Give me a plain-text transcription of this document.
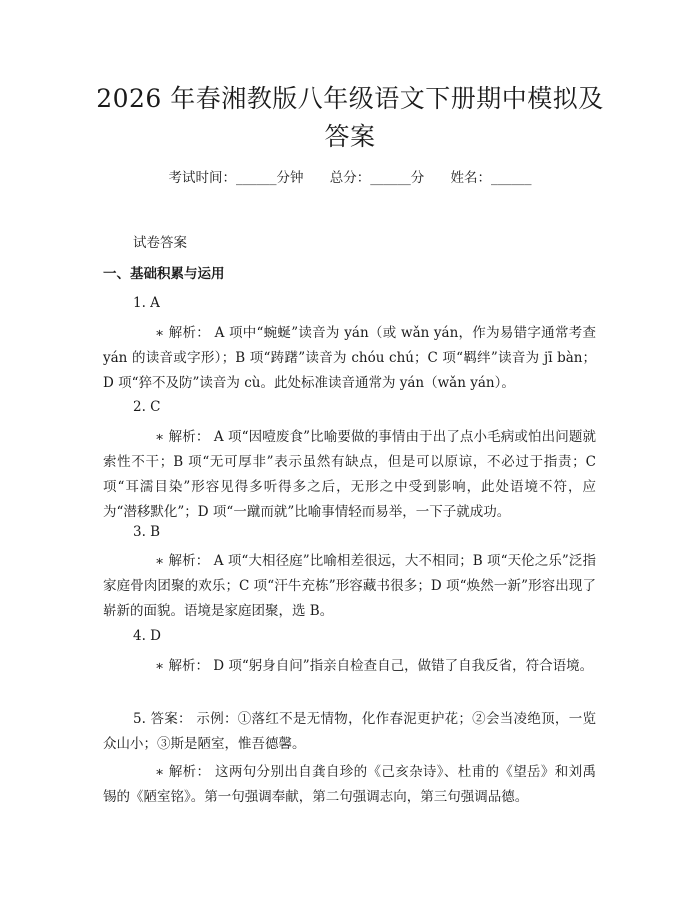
2026 年春湘教版八年级语文下册期中模拟及
答案
考试时间：______分钟 总分：______分 姓名：______
试卷答案
一、基础积累与运用
1. A
∗ 解析： A 项中“蜿蜒”读音为 yán（或 wǎn yán，作为易错字通常考查 yán 的读音或字形）；B 项“踌躇”读音为 chóu chú；C 项“羁绊”读音为 jī bàn；D 项“猝不及防”读音为 cù。此处标准读音通常为 yán（wǎn yán）。
2. C
∗ 解析： A 项“因噎废食”比喻要做的事情由于出了点小毛病或怕出问题就索性不干；B 项“无可厚非”表示虽然有缺点，但是可以原谅，不必过于指责；C 项“耳濡目染”形容见得多听得多之后，无形之中受到影响，此处语境不符，应为“潜移默化”；D 项“一蹴而就”比喻事情轻而易举，一下子就成功。
3. B
∗ 解析： A 项“大相径庭”比喻相差很远，大不相同；B 项“天伦之乐”泛指家庭骨肉团聚的欢乐；C 项“汗牛充栋”形容藏书很多；D 项“焕然一新”形容出现了崭新的面貌。语境是家庭团聚，选 B。
4. D
∗ 解析： D 项“躬身自问”指亲自检查自己，做错了自我反省，符合语境。
5. 答案： 示例：①落红不是无情物，化作春泥更护花；②会当凌绝顶，一览众山小；③斯是陋室，惟吾德馨。
∗ 解析： 这两句分别出自龚自珍的《己亥杂诗》、杜甫的《望岳》和刘禹锡的《陋室铭》。第一句强调奉献，第二句强调志向，第三句强调品德。
